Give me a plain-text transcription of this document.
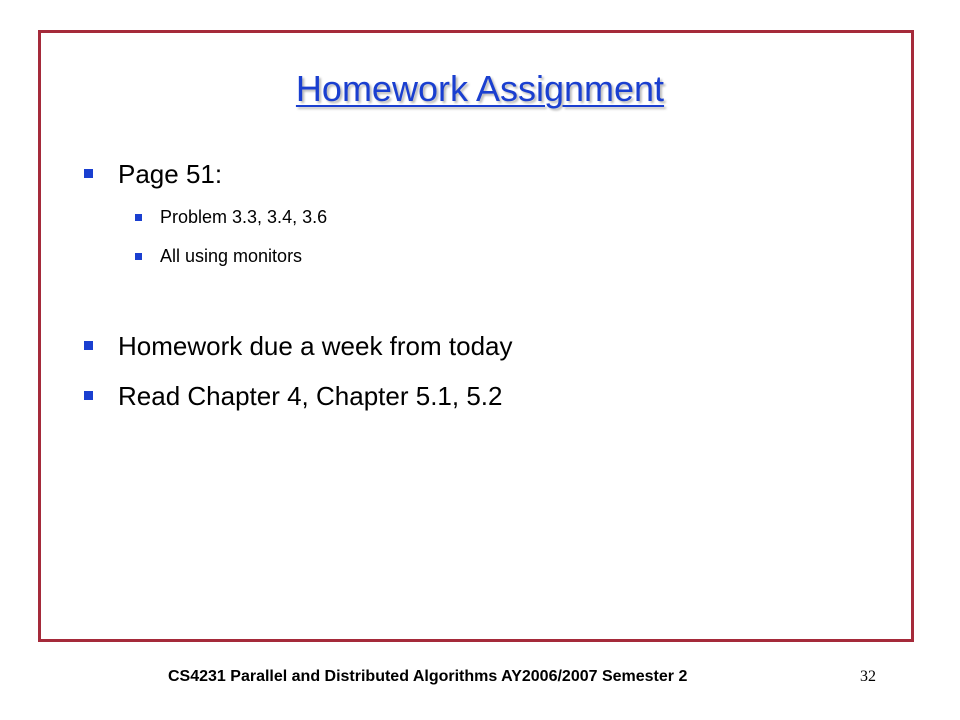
Homework Assignment
Page 51:
Problem 3.3, 3.4, 3.6
All using monitors
Homework due a week from today
Read Chapter 4, Chapter 5.1, 5.2
CS4231 Parallel and Distributed Algorithms AY2006/2007 Semester 2	32
